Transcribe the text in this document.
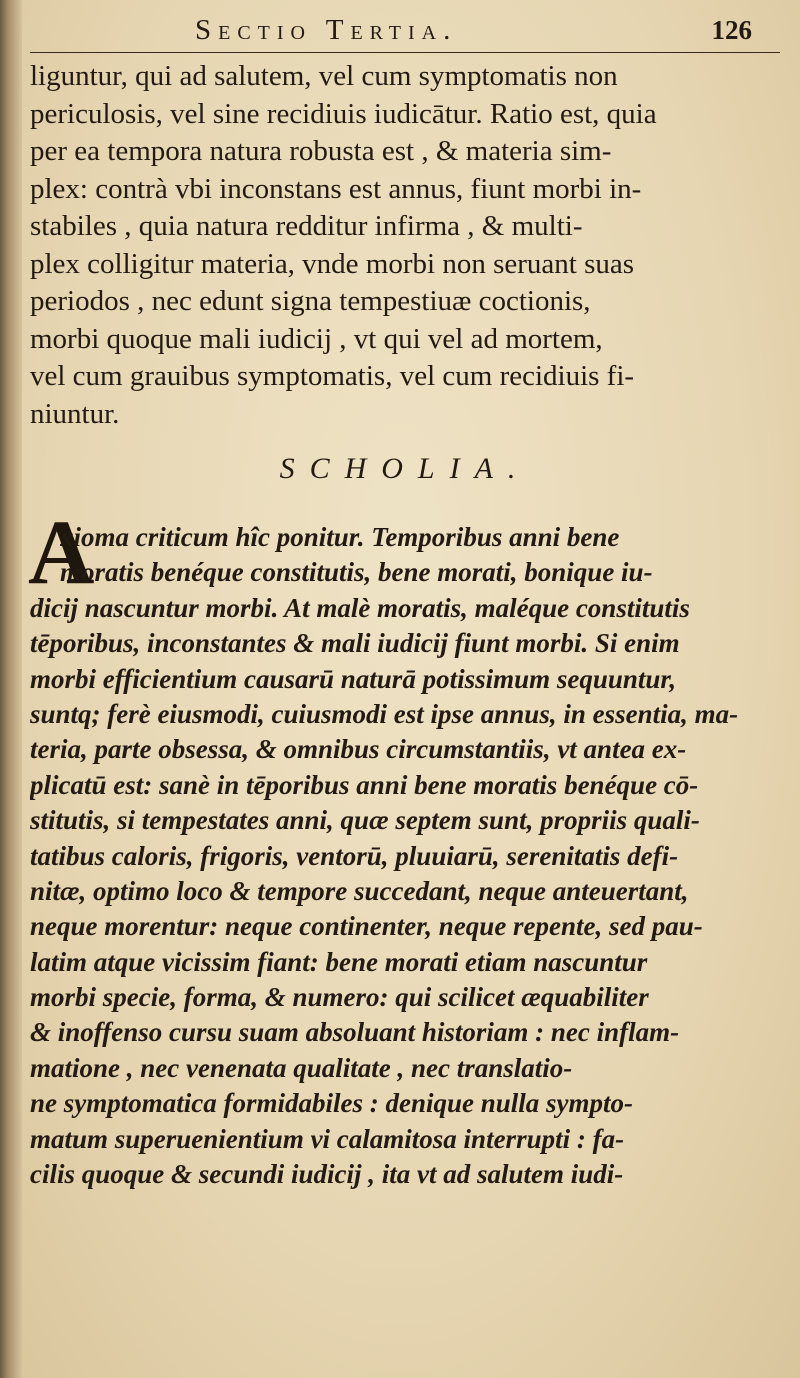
Sectio Tertia.	126
liguntur, qui ad salutem, vel cum symptomatis non
periculosis, vel sine recidiuis iudicātur. Ratio est, quia
per ea tempora natura robusta est , & materia sim-
plex: contrà vbi inconstans est annus, fiunt morbi in-
stabiles , quia natura redditur infirma , & multi-
plex colligitur materia, vnde morbi non seruant suas
periodos , nec edunt signa tempestiuæ coctionis,
morbi quoque mali iudicij , vt qui vel ad mortem,
vel cum grauibus symptomatis, vel cum recidiuis fi-
niuntur.
SCHOLIA.
A
xioma criticum hîc ponitur. Temporibus anni bene
moratis benéque constitutis, bene morati, bonique iu-
dicij nascuntur morbi. At malè moratis, maléque constitutis
tēporibus, inconstantes & mali iudicij fiunt morbi. Si enim
morbi efficientium causarū naturā potissimum sequuntur,
suntq; ferè eiusmodi, cuiusmodi est ipse annus, in essentia, ma-
teria, parte obsessa, & omnibus circumstantiis, vt antea ex-
plicatū est: sanè in tēporibus anni bene moratis benéque cō-
stitutis, si tempestates anni, quæ septem sunt, propriis quali-
tatibus caloris, frigoris, ventorū, pluuiarū, serenitatis defi-
nitæ, optimo loco & tempore succedant, neque anteuertant,
neque morentur: neque continenter, neque repente, sed pau-
latim atque vicissim fiant: bene morati etiam nascuntur
morbi specie, forma, & numero: qui scilicet æquabiliter
& inoffenso cursu suam absoluant historiam : nec inflam-
matione , nec venenata qualitate , nec translatio-
ne symptomatica formidabiles : denique nulla sympto-
matum superuenientium vi calamitosa interrupti : fa-
cilis quoque & secundi iudicij , ita vt ad salutem iudi-
